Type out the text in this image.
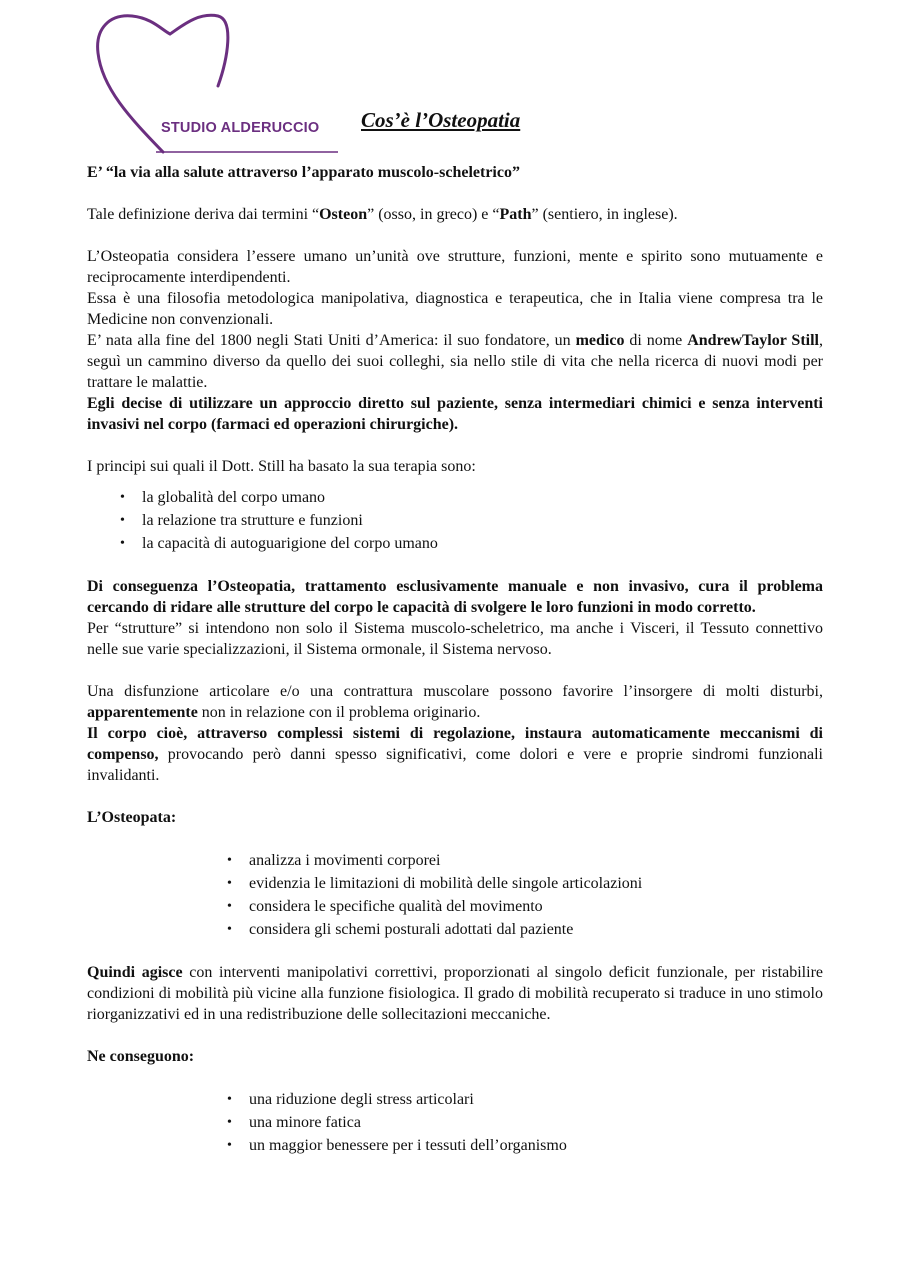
STUDIO ALDERUCCIO	Cos’è l’Osteopatia

E’ “la via alla salute attraverso l’apparato muscolo-scheletrico”

Tale definizione deriva dai termini “Osteon” (osso, in greco) e “Path” (sentiero, in inglese).

L’Osteopatia considera l’essere umano un’unità ove strutture, funzioni, mente e spirito sono mutuamente e reciprocamente interdipendenti.

Essa è una filosofia metodologica manipolativa, diagnostica e terapeutica, che in Italia viene compresa tra le Medicine non convenzionali.

E’ nata alla fine del 1800 negli Stati Uniti d’America: il suo fondatore, un medico di nome AndrewTaylor Still, seguì un cammino diverso da quello dei suoi colleghi, sia nello stile di vita che nella ricerca di nuovi modi per trattare le malattie.

Egli decise di utilizzare un approccio diretto sul paziente, senza intermediari chimici e senza interventi invasivi nel corpo (farmaci ed operazioni chirurgiche).

I principi sui quali il Dott. Still ha basato la sua terapia sono:

• la globalità del corpo umano
• la relazione tra strutture e funzioni
• la capacità di autoguarigione del corpo umano

Di conseguenza l’Osteopatia, trattamento esclusivamente manuale e non invasivo, cura il problema cercando di ridare alle strutture del corpo le capacità di svolgere le loro funzioni in modo corretto.

Per “strutture” si intendono non solo il Sistema muscolo-scheletrico, ma anche i Visceri, il Tessuto connettivo nelle sue varie specializzazioni, il Sistema ormonale, il Sistema nervoso.

Una disfunzione articolare e/o una contrattura muscolare possono favorire l’insorgere di molti disturbi, apparentemente non in relazione con il problema originario.

Il corpo cioè, attraverso complessi sistemi di regolazione, instaura automaticamente meccanismi di compenso, provocando però danni spesso significativi, come dolori e vere e proprie sindromi funzionali invalidanti.

L’Osteopata:

• analizza i movimenti corporei
• evidenzia le limitazioni di mobilità delle singole articolazioni
• considera le specifiche qualità del movimento
• considera gli schemi posturali adottati dal paziente

Quindi agisce con interventi manipolativi correttivi, proporzionati al singolo deficit funzionale, per ristabilire condizioni di mobilità più vicine alla funzione fisiologica. Il grado di mobilità recuperato si traduce in uno stimolo riorganizzativi ed in una redistribuzione delle sollecitazioni meccaniche.

Ne conseguono:

• una riduzione degli stress articolari
• una minore fatica
• un maggior benessere per i tessuti dell’organismo
